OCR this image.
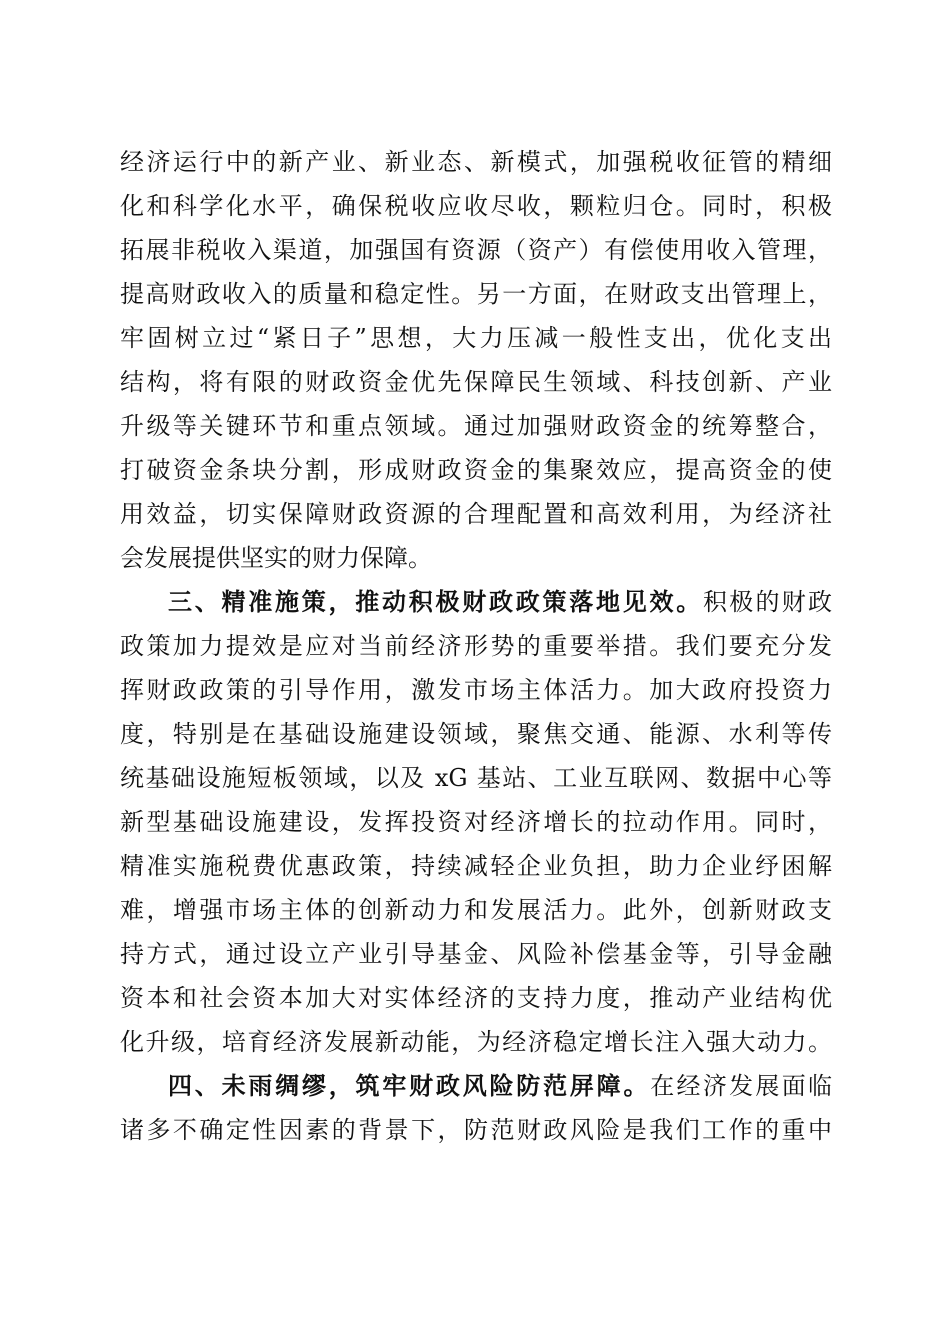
经济运行中的新产业、新业态、新模式，加强税收征管的精细
化和科学化水平，确保税收应收尽收，颗粒归仓。同时，积极
拓展非税收入渠道，加强国有资源（资产）有偿使用收入管理，
提高财政收入的质量和稳定性。另一方面，在财政支出管理上，
牢固树立过“紧日子”思想，大力压减一般性支出，优化支出
结构，将有限的财政资金优先保障民生领域、科技创新、产业
升级等关键环节和重点领域。通过加强财政资金的统筹整合，
打破资金条块分割，形成财政资金的集聚效应，提高资金的使
用效益，切实保障财政资源的合理配置和高效利用，为经济社
会发展提供坚实的财力保障。
三、精准施策，推动积极财政政策落地见效。积极的财政
政策加力提效是应对当前经济形势的重要举措。我们要充分发
挥财政政策的引导作用，激发市场主体活力。加大政府投资力
度，特别是在基础设施建设领域，聚焦交通、能源、水利等传
统基础设施短板领域，以及 xG 基站、工业互联网、数据中心等
新型基础设施建设，发挥投资对经济增长的拉动作用。同时，
精准实施税费优惠政策，持续减轻企业负担，助力企业纾困解
难，增强市场主体的创新动力和发展活力。此外，创新财政支
持方式，通过设立产业引导基金、风险补偿基金等，引导金融
资本和社会资本加大对实体经济的支持力度，推动产业结构优
化升级，培育经济发展新动能，为经济稳定增长注入强大动力。
四、未雨绸缪，筑牢财政风险防范屏障。在经济发展面临
诸多不确定性因素的背景下，防范财政风险是我们工作的重中
